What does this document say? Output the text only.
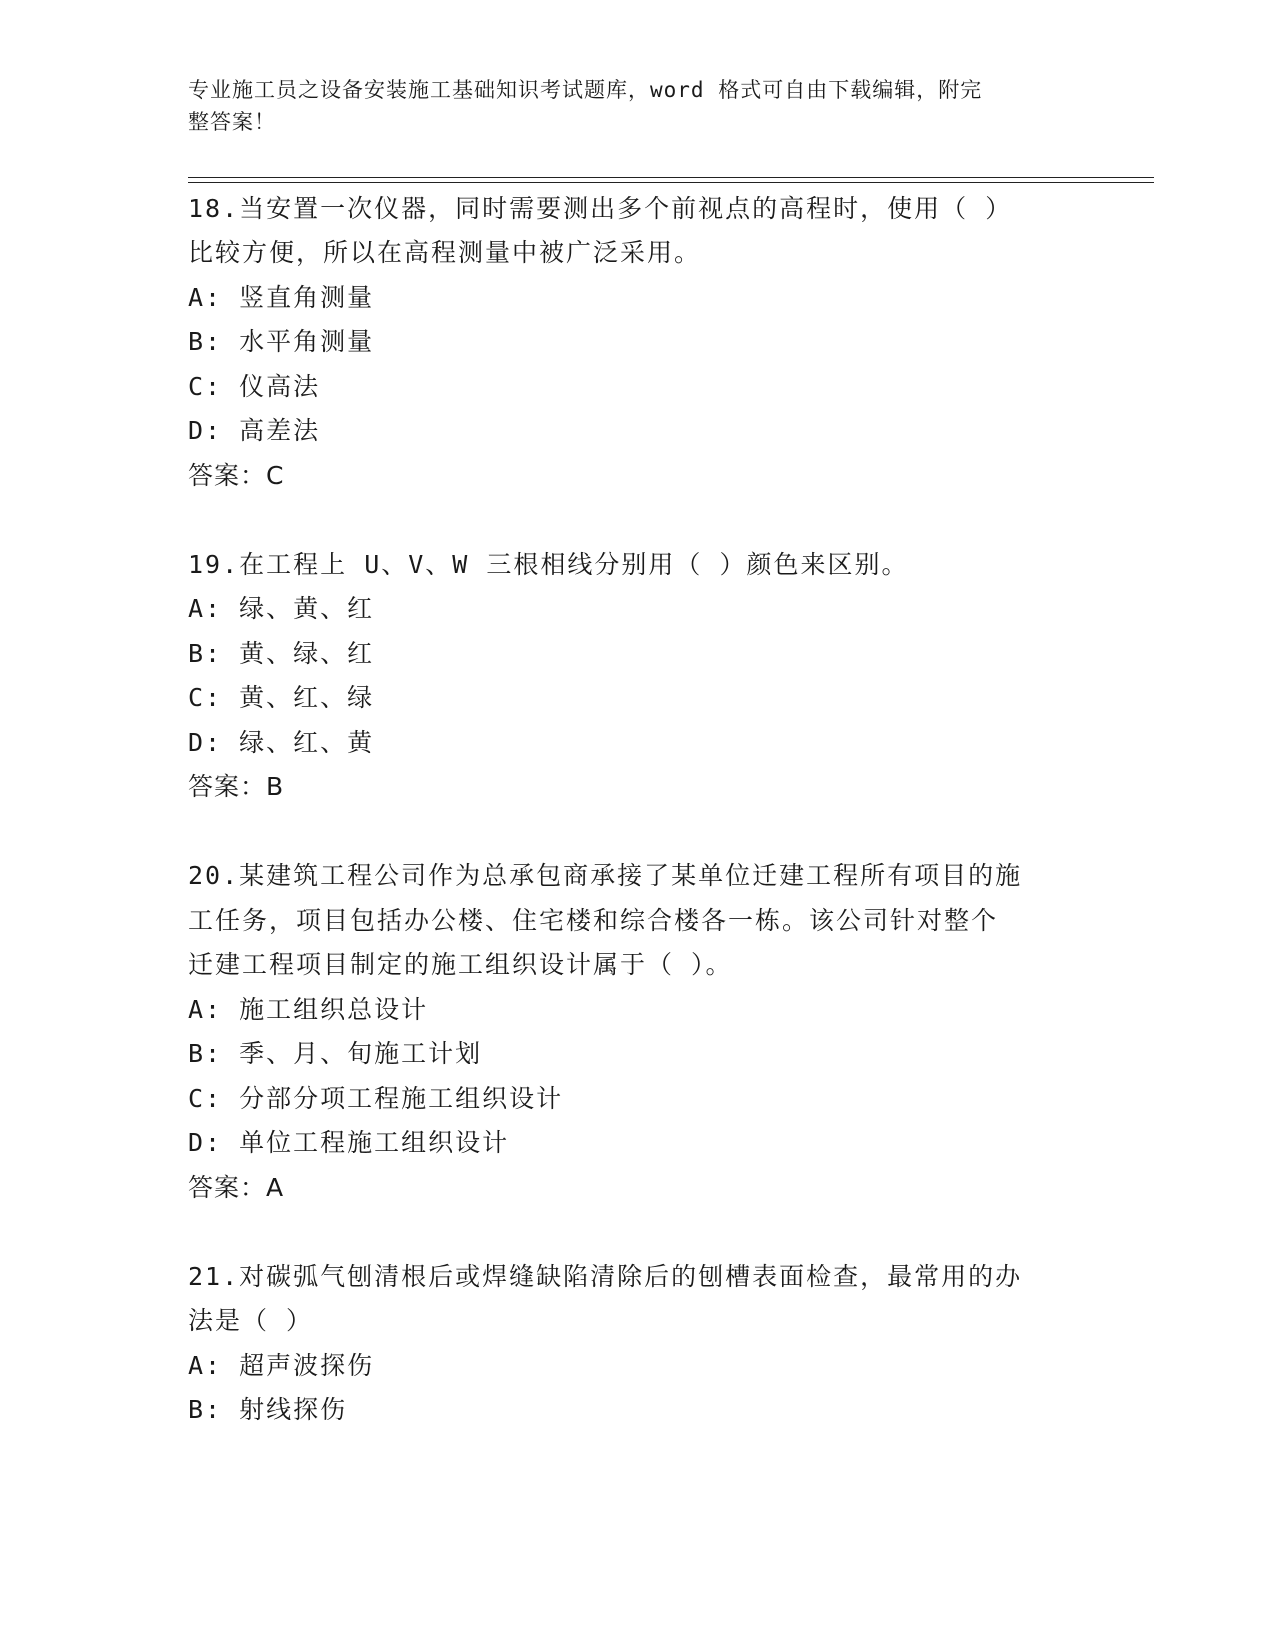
专业施工员之设备安装施工基础知识考试题库，word 格式可自由下载编辑，附完
整答案！
18.当安置一次仪器，同时需要测出多个前视点的高程时，使用（ ）
比较方便，所以在高程测量中被广泛采用。
A: 竖直角测量
B: 水平角测量
C: 仪高法
D: 高差法
答案：C
19.在工程上 U、V、W 三根相线分别用（ ）颜色来区别。
A: 绿、黄、红
B: 黄、绿、红
C: 黄、红、绿
D: 绿、红、黄
答案：B
20.某建筑工程公司作为总承包商承接了某单位迁建工程所有项目的施
工任务，项目包括办公楼、住宅楼和综合楼各一栋。该公司针对整个
迁建工程项目制定的施工组织设计属于（ ）。
A: 施工组织总设计
B: 季、月、旬施工计划
C: 分部分项工程施工组织设计
D: 单位工程施工组织设计
答案：A
21.对碳弧气刨清根后或焊缝缺陷清除后的刨槽表面检查，最常用的办
法是（ ）
A: 超声波探伤
B: 射线探伤
